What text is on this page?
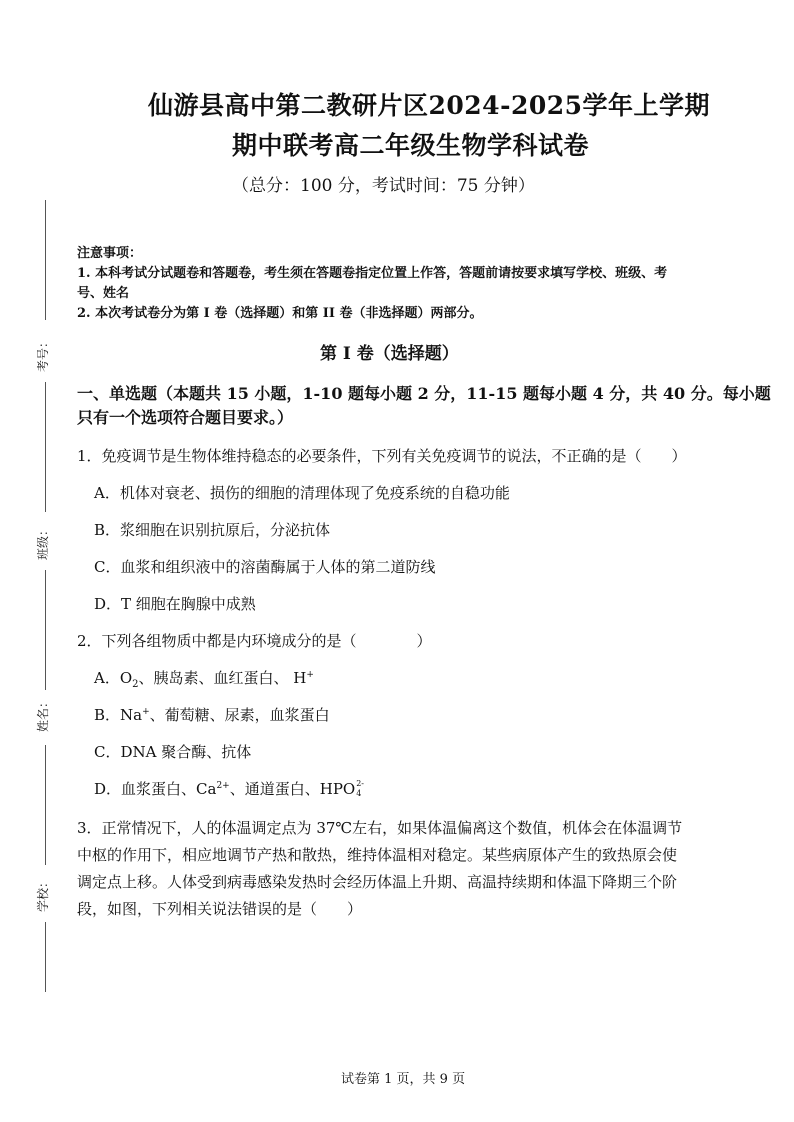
仙游县高中第二教研片区2024-2025学年上学期
期中联考高二年级生物学科试卷
（总分：100 分，考试时间：75 分钟）
考号：
班级：
姓名：
学校：
注意事项：
1. 本科考试分试题卷和答题卷，考生须在答题卷指定位置上作答，答题前请按要求填写学校、班级、考
号、姓名
2. 本次考试卷分为第 I 卷（选择题）和第 II 卷（非选择题）两部分。
第 I 卷（选择题）
一、单选题（本题共 15 小题，1-10 题每小题 2 分，11-15 题每小题 4 分，共 40 分。每小题
只有一个选项符合题目要求。）
1．免疫调节是生物体维持稳态的必要条件，下列有关免疫调节的说法，不正确的是（　　）
A．机体对衰老、损伤的细胞的清理体现了免疫系统的自稳功能
B．浆细胞在识别抗原后，分泌抗体
C．血浆和组织液中的溶菌酶属于人体的第二道防线
D．T 细胞在胸腺中成熟
2．下列各组物质中都是内环境成分的是（　　　　）
A．$O_2$、胰岛素、血红蛋白、 H+
B．Na+、葡萄糖、尿素，血浆蛋白
C．DNA 聚合酶、抗体
D．血浆蛋白、$Ca^{2+}$、通道蛋白、HPO 2-
4
3．正常情况下，人的体温调定点为 37℃左右，如果体温偏离这个数值，机体会在体温调节
中枢的作用下，相应地调节产热和散热，维持体温相对稳定。某些病原体产生的致热原会使
调定点上移。人体受到病毒感染发热时会经历体温上升期、高温持续期和体温下降期三个阶
段，如图，下列相关说法错误的是（　　）
试卷第 1 页，共 9 页
